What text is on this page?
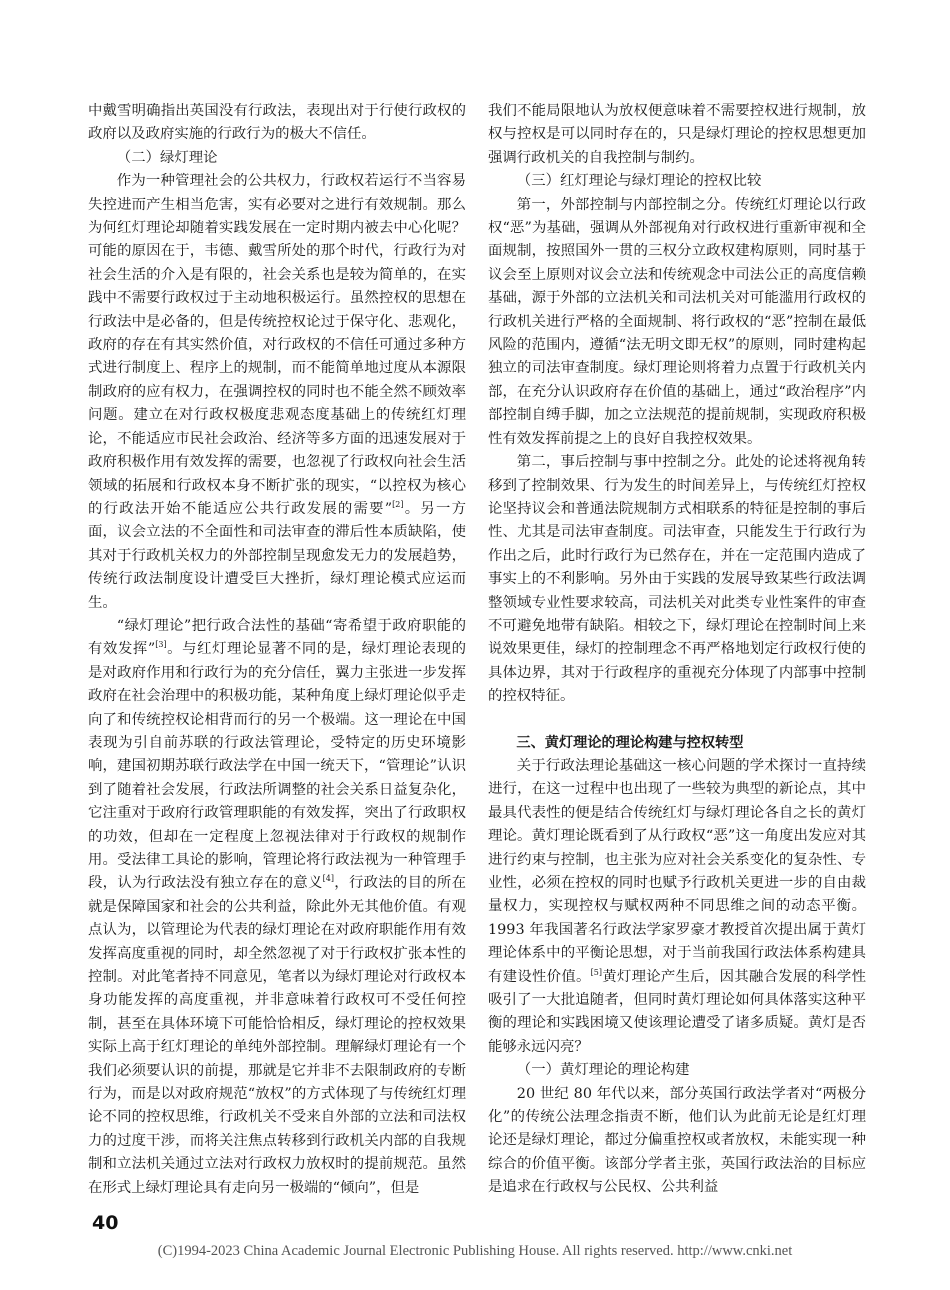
中戴雪明确指出英国没有行政法，表现出对于行使行政权的政府以及政府实施的行政行为的极大不信任。

（二）绿灯理论

作为一种管理社会的公共权力，行政权若运行不当容易失控进而产生相当危害，实有必要对之进行有效规制。那么为何红灯理论却随着实践发展在一定时期内被去中心化呢？可能的原因在于，韦德、戴雪所处的那个时代，行政行为对社会生活的介入是有限的，社会关系也是较为简单的，在实践中不需要行政权过于主动地积极运行。虽然控权的思想在行政法中是必备的，但是传统控权论过于保守化、悲观化，政府的存在有其实然价值，对行政权的不信任可通过多种方式进行制度上、程序上的规制，而不能简单地过度从本源限制政府的应有权力，在强调控权的同时也不能全然不顾效率问题。建立在对行政权极度悲观态度基础上的传统红灯理论，不能适应市民社会政治、经济等多方面的迅速发展对于政府积极作用有效发挥的需要，也忽视了行政权向社会生活领域的拓展和行政权本身不断扩张的现实，“以控权为核心的行政法开始不能适应公共行政发展的需要”[2]。另一方面，议会立法的不全面性和司法审查的滞后性本质缺陷，使其对于行政机关权力的外部控制呈现愈发无力的发展趋势，传统行政法制度设计遭受巨大挫折，绿灯理论模式应运而生。

“绿灯理论”把行政合法性的基础“寄希望于政府职能的有效发挥”[3]。与红灯理论显著不同的是，绿灯理论表现的是对政府作用和行政行为的充分信任，翼力主张进一步发挥政府在社会治理中的积极功能，某种角度上绿灯理论似乎走向了和传统控权论相背而行的另一个极端。这一理论在中国表现为引自前苏联的行政法管理论，受特定的历史环境影响，建国初期苏联行政法学在中国一统天下，“管理论”认识到了随着社会发展，行政法所调整的社会关系日益复杂化，它注重对于政府行政管理职能的有效发挥，突出了行政职权的功效，但却在一定程度上忽视法律对于行政权的规制作用。受法律工具论的影响，管理论将行政法视为一种管理手段，认为行政法没有独立存在的意义[4]，行政法的目的所在就是保障国家和社会的公共利益，除此外无其他价值。有观点认为，以管理论为代表的绿灯理论在对政府职能作用有效发挥高度重视的同时，却全然忽视了对于行政权扩张本性的控制。对此笔者持不同意见，笔者以为绿灯理论对行政权本身功能发挥的高度重视，并非意味着行政权可不受任何控制，甚至在具体环境下可能恰恰相反，绿灯理论的控权效果实际上高于红灯理论的单纯外部控制。理解绿灯理论有一个我们必须要认识的前提，那就是它并非不去限制政府的专断行为，而是以对政府规范“放权”的方式体现了与传统红灯理论不同的控权思维，行政机关不受来自外部的立法和司法权力的过度干涉，而将关注焦点转移到行政机关内部的自我规制和立法机关通过立法对行政权力放权时的提前规范。虽然在形式上绿灯理论具有走向另一极端的“倾向”，但是

我们不能局限地认为放权便意味着不需要控权进行规制，放权与控权是可以同时存在的，只是绿灯理论的控权思想更加强调行政机关的自我控制与制约。

（三）红灯理论与绿灯理论的控权比较

第一，外部控制与内部控制之分。传统红灯理论以行政权“恶”为基础，强调从外部视角对行政权进行重新审视和全面规制，按照国外一贯的三权分立政权建构原则，同时基于议会至上原则对议会立法和传统观念中司法公正的高度信赖基础，源于外部的立法机关和司法机关对可能滥用行政权的行政机关进行严格的全面规制、将行政权的“恶”控制在最低风险的范围内，遵循“法无明文即无权”的原则，同时建构起独立的司法审查制度。绿灯理论则将着力点置于行政机关内部，在充分认识政府存在价值的基础上，通过“政治程序”内部控制自缚手脚，加之立法规范的提前规制，实现政府积极性有效发挥前提之上的良好自我控权效果。

第二，事后控制与事中控制之分。此处的论述将视角转移到了控制效果、行为发生的时间差异上，与传统红灯控权论坚持议会和普通法院规制方式相联系的特征是控制的事后性、尤其是司法审查制度。司法审查，只能发生于行政行为作出之后，此时行政行为已然存在，并在一定范围内造成了事实上的不利影响。另外由于实践的发展导致某些行政法调整领域专业性要求较高，司法机关对此类专业性案件的审查不可避免地带有缺陷。相较之下，绿灯理论在控制时间上来说效果更佳，绿灯的控制理念不再严格地划定行政权行使的具体边界，其对于行政程序的重视充分体现了内部事中控制的控权特征。

三、黄灯理论的理论构建与控权转型

关于行政法理论基础这一核心问题的学术探讨一直持续进行，在这一过程中也出现了一些较为典型的新论点，其中最具代表性的便是结合传统红灯与绿灯理论各自之长的黄灯理论。黄灯理论既看到了从行政权“恶”这一角度出发应对其进行约束与控制，也主张为应对社会关系变化的复杂性、专业性，必须在控权的同时也赋予行政机关更进一步的自由裁量权力，实现控权与赋权两种不同思维之间的动态平衡。1993 年我国著名行政法学家罗豪才教授首次提出属于黄灯理论体系中的平衡论思想，对于当前我国行政法体系构建具有建设性价值。[5]黄灯理论产生后，因其融合发展的科学性吸引了一大批追随者，但同时黄灯理论如何具体落实这种平衡的理论和实践困境又使该理论遭受了诸多质疑。黄灯是否能够永远闪亮？

（一）黄灯理论的理论构建

20 世纪 80 年代以来，部分英国行政法学者对“两极分化”的传统公法理念指责不断，他们认为此前无论是红灯理论还是绿灯理论，都过分偏重控权或者放权，未能实现一种综合的价值平衡。该部分学者主张，英国行政法治的目标应是追求在行政权与公民权、公共利益

40
(C)1994-2023 China Academic Journal Electronic Publishing House. All rights reserved. http://www.cnki.net
